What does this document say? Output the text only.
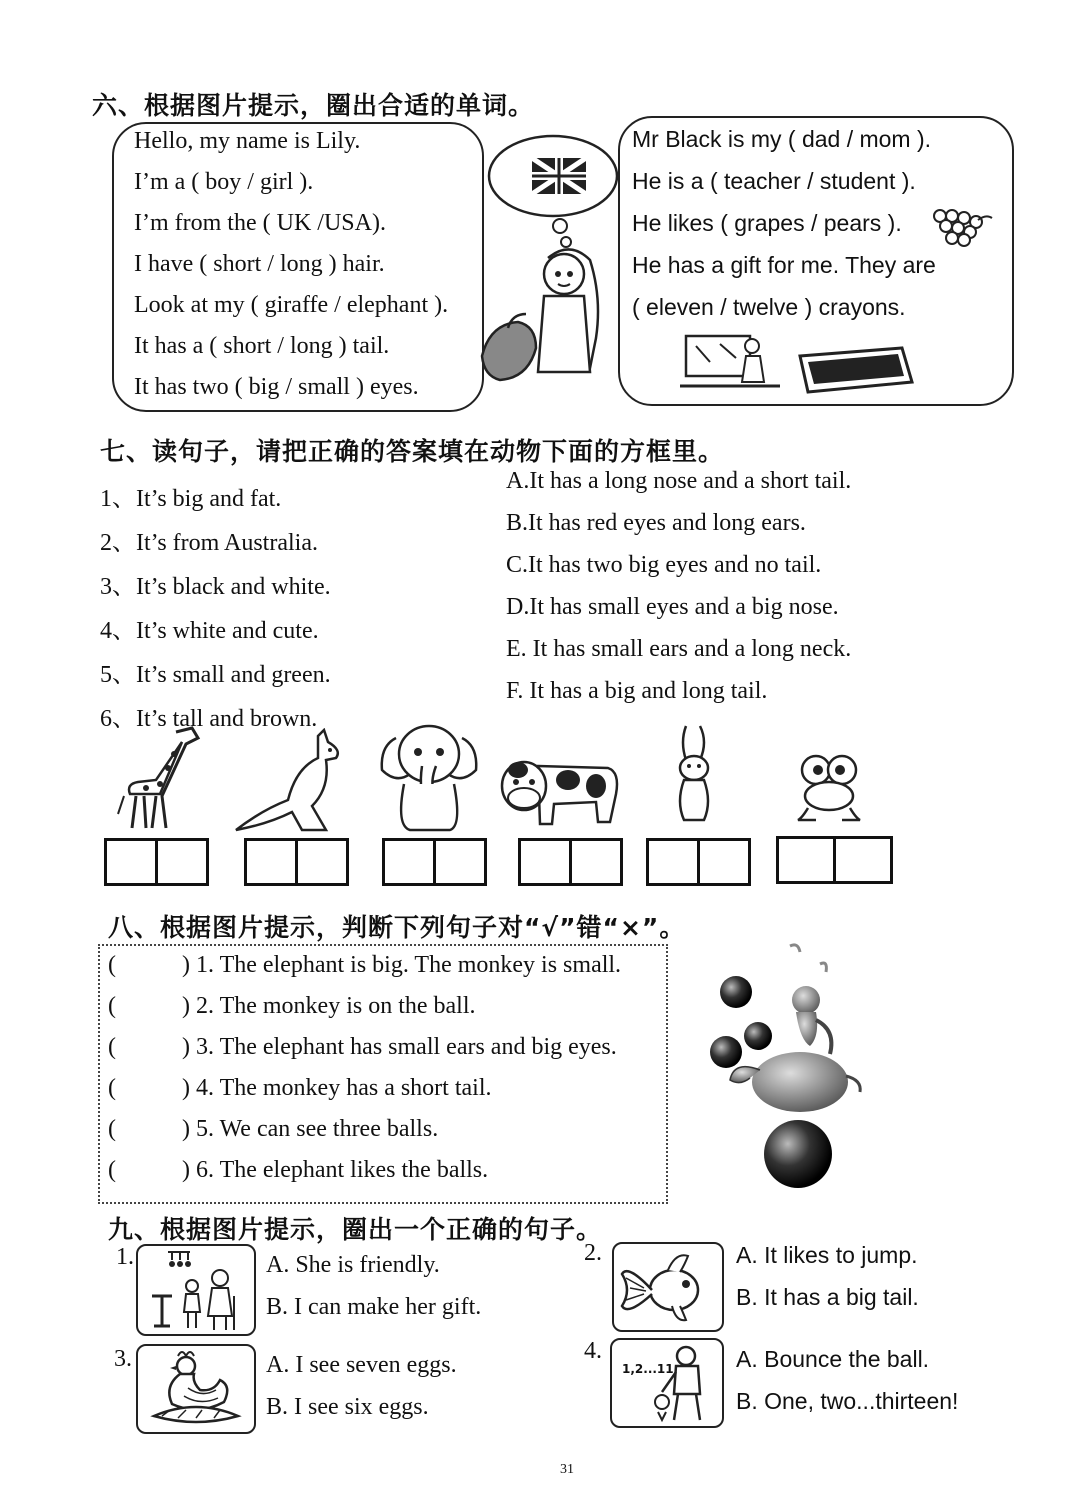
六、根据图片提示，圈出合适的单词。
Hello, my name is Lily.
I’m a ( boy / girl ).
I’m from the ( UK /USA).
I have ( short / long ) hair.
Look at my ( giraffe / elephant ).
It has a ( short / long ) tail.
It has two ( big / small ) eyes.
Mr Black is my ( dad / mom ).
He is a ( teacher / student ).
He likes ( grapes / pears ).
He has a gift for me. They are
( eleven / twelve ) crayons.
七、读句子，请把正确的答案填在动物下面的方框里。
1、It’s big and fat.
2、It’s from Australia.
3、It’s black and white.
4、It’s white and cute.
5、It’s small and green.
6、It’s tall and brown.
A.It has a long nose and a short tail.
B.It has red eyes and long ears.
C.It has two big eyes and no tail.
D.It has small eyes and a big nose.
E. It has small ears and a long neck.
F. It has a big and long tail.
八、根据图片提示，判断下列句子对“√”错“×”。
(	) 1. The elephant is big. The monkey is small.
(	) 2. The monkey is on the ball.
(	) 3. The elephant has small ears and big eyes.
(	) 4. The monkey has a short tail.
(	) 5. We can see three balls.
(	) 6. The elephant likes the balls.
九、根据图片提示，圈出一个正确的句子。
1.	A. She is friendly.
B. I can make her gift.
2.	A. It likes to jump.
B. It has a big tail.
3.	A. I see seven eggs.
B. I see six eggs.
4.
1,2...11	A. Bounce the ball.
B. One, two...thirteen!
31
